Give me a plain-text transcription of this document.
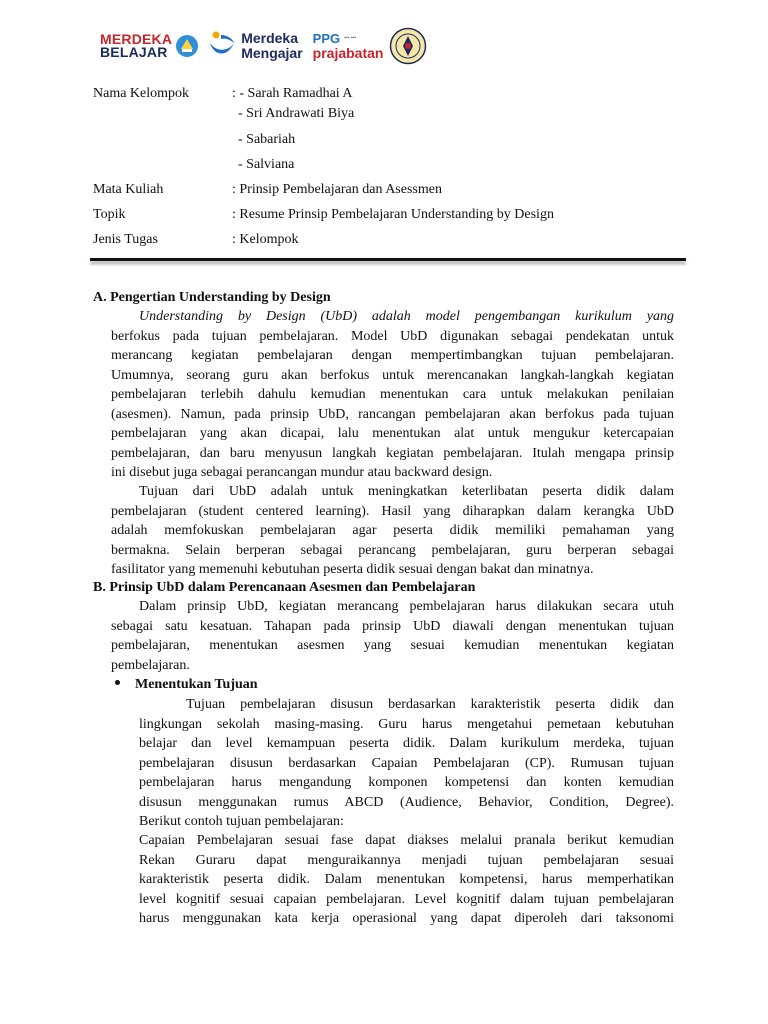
MERDEKA
BELAJAR
Merdeka
Mengajar
PPG ▪▪▪ ▪▪▪
prajabatan
Nama Kelompok	: - Sarah Ramadhai A
- Sri Andrawati Biya
- Sabariah
- Salviana
Mata Kuliah	: Prinsip Pembelajaran dan Asessmen
Topik	: Resume Prinsip Pembelajaran Understanding by Design
Jenis Tugas	: Kelompok
A. Pengertian Understanding by Design
Understanding by Design (UbD) adalah model pengembangan kurikulum yang
berfokus pada tujuan pembelajaran. Model UbD digunakan sebagai pendekatan untuk
merancang kegiatan pembelajaran dengan mempertimbangkan tujuan pembelajaran.
Umumnya, seorang guru akan berfokus untuk merencanakan langkah-langkah kegiatan
pembelajaran terlebih dahulu kemudian menentukan cara untuk melakukan penilaian
(asesmen). Namun, pada prinsip UbD, rancangan pembelajaran akan berfokus pada tujuan
pembelajaran yang akan dicapai, lalu menentukan alat untuk mengukur ketercapaian
pembelajaran, dan baru menyusun langkah kegiatan pembelajaran. Itulah mengapa prinsip
ini disebut juga sebagai perancangan mundur atau backward design.
Tujuan dari UbD adalah untuk meningkatkan keterlibatan peserta didik dalam
pembelajaran (student centered learning). Hasil yang diharapkan dalam kerangka UbD
adalah memfokuskan pembelajaran agar peserta didik memiliki pemahaman yang
bermakna. Selain berperan sebagai perancang pembelajaran, guru berperan sebagai
fasilitator yang memenuhi kebutuhan peserta didik sesuai dengan bakat dan minatnya.
B. Prinsip UbD dalam Perencanaan Asesmen dan Pembelajaran
Dalam prinsip UbD, kegiatan merancang pembelajaran harus dilakukan secara utuh
sebagai satu kesatuan. Tahapan pada prinsip UbD diawali dengan menentukan tujuan
pembelajaran, menentukan asesmen yang sesuai kemudian menentukan kegiatan
pembelajaran.
Menentukan Tujuan
Tujuan pembelajaran disusun berdasarkan karakteristik peserta didik dan
lingkungan sekolah masing-masing. Guru harus mengetahui pemetaan kebutuhan
belajar dan level kemampuan peserta didik. Dalam kurikulum merdeka, tujuan
pembelajaran disusun berdasarkan Capaian Pembelajaran (CP). Rumusan tujuan
pembelajaran harus mengandung komponen kompetensi dan konten kemudian
disusun menggunakan rumus ABCD (Audience, Behavior, Condition, Degree).
Berikut contoh tujuan pembelajaran:
Capaian Pembelajaran sesuai fase dapat diakses melalui pranala berikut kemudian
Rekan Guraru dapat menguraikannya menjadi tujuan pembelajaran sesuai
karakteristik peserta didik. Dalam menentukan kompetensi, harus memperhatikan
level kognitif sesuai capaian pembelajaran. Level kognitif dalam tujuan pembelajaran
harus menggunakan kata kerja operasional yang dapat diperoleh dari taksonomi
